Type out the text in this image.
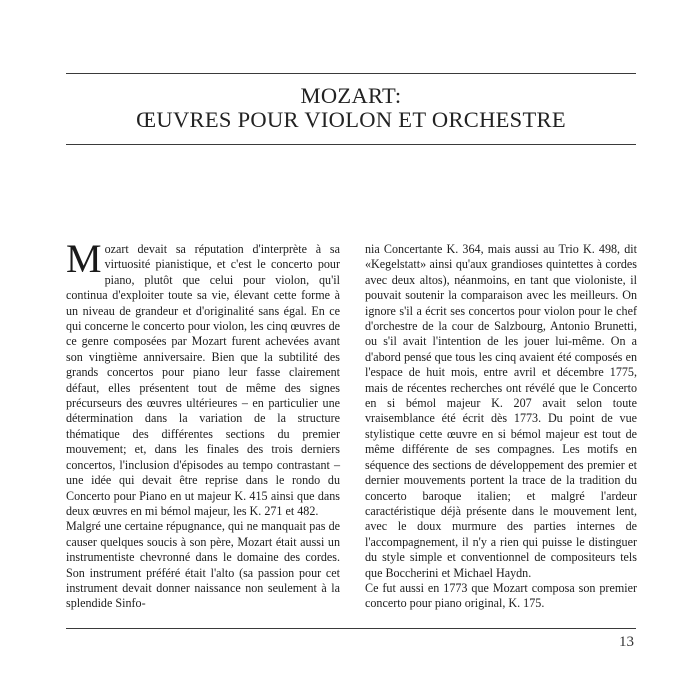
MOZART:
ŒUVRES POUR VIOLON ET ORCHESTRE

Mozart devait sa réputation d'interprète à sa virtuosité pianistique, et c'est le concerto pour piano, plutôt que celui pour violon, qu'il continua d'exploiter toute sa vie, élevant cette forme à un niveau de grandeur et d'originalité sans égal. En ce qui concerne le concerto pour violon, les cinq œuvres de ce genre composées par Mozart furent achevées avant son vingtième anniversaire. Bien que la subtilité des grands concertos pour piano leur fasse clairement défaut, elles présentent tout de même des signes précurseurs des œuvres ultérieures – en particulier une détermination dans la variation de la structure thématique des différentes sections du premier mouvement; et, dans les finales des trois derniers concertos, l'inclusion d'épisodes au tempo contrastant – une idée qui devait être reprise dans le rondo du Concerto pour Piano en ut majeur K. 415 ainsi que dans deux œuvres en mi bémol majeur, les K. 271 et 482.

Malgré une certaine répugnance, qui ne manquait pas de causer quelques soucis à son père, Mozart était aussi un instrumentiste chevronné dans le domaine des cordes. Son instrument préféré était l'alto (sa passion pour cet instrument devait donner naissance non seulement à la splendide Sinfo-

nia Concertante K. 364, mais aussi au Trio K. 498, dit «Kegelstatt» ainsi qu'aux grandioses quintettes à cordes avec deux altos), néanmoins, en tant que violoniste, il pouvait soutenir la comparaison avec les meilleurs. On ignore s'il a écrit ses concertos pour violon pour le chef d'orchestre de la cour de Salzbourg, Antonio Brunetti, ou s'il avait l'intention de les jouer lui-même. On a d'abord pensé que tous les cinq avaient été composés en l'espace de huit mois, entre avril et décembre 1775, mais de récentes recherches ont révélé que le Concerto en si bémol majeur K. 207 avait selon toute vraisemblance été écrit dès 1773. Du point de vue stylistique cette œuvre en si bémol majeur est tout de même différente de ses compagnes. Les motifs en séquence des sections de développement des premier et dernier mouvements portent la trace de la tradition du concerto baroque italien; et malgré l'ardeur caractéristique déjà présente dans le mouvement lent, avec le doux murmure des parties internes de l'accompagnement, il n'y a rien qui puisse le distinguer du style simple et conventionnel de compositeurs tels que Boccherini et Michael Haydn.

Ce fut aussi en 1773 que Mozart composa son premier concerto pour piano original, K. 175.

13
